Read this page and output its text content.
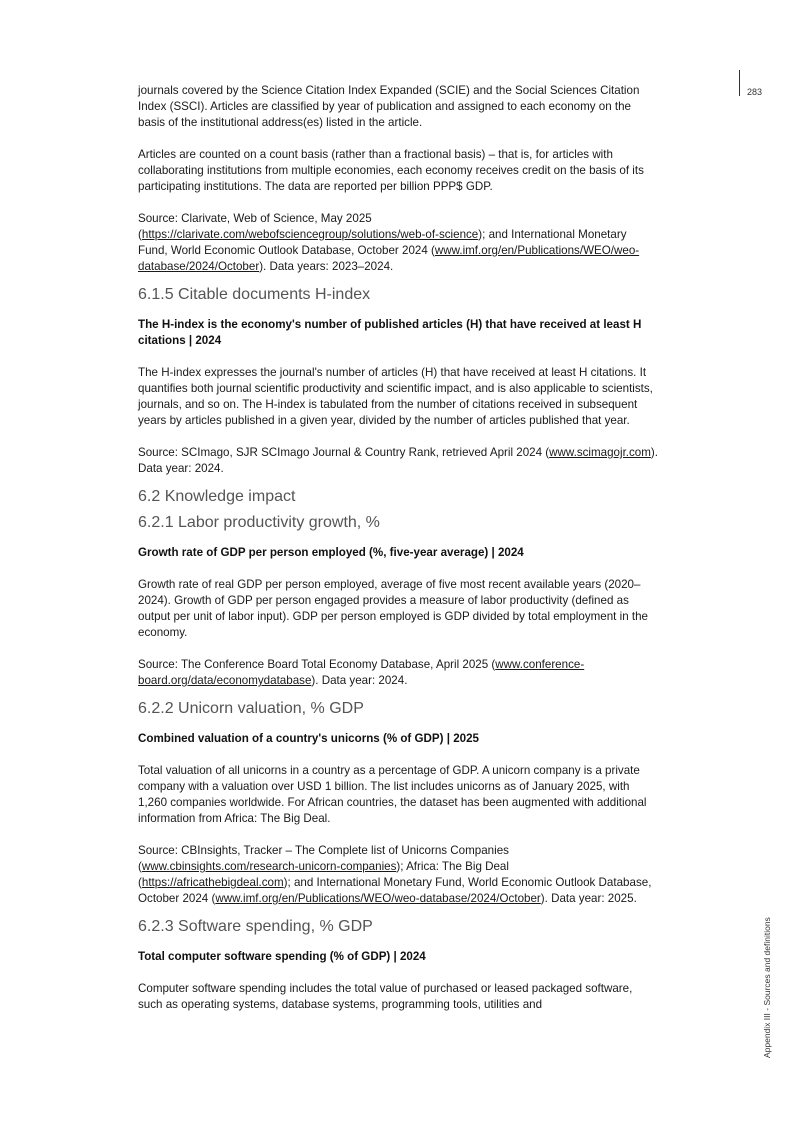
283
Appendix III - Sources and definitions

journals covered by the Science Citation Index Expanded (SCIE) and the Social Sciences Citation Index (SSCI). Articles are classified by year of publication and assigned to each economy on the basis of the institutional address(es) listed in the article.

Articles are counted on a count basis (rather than a fractional basis) – that is, for articles with collaborating institutions from multiple economies, each economy receives credit on the basis of its participating institutions. The data are reported per billion PPP$ GDP.

Source: Clarivate, Web of Science, May 2025 (https://clarivate.com/webofsciencegroup/solutions/web-of-science); and International Monetary Fund, World Economic Outlook Database, October 2024 (www.imf.org/en/Publications/WEO/weo-database/2024/October). Data years: 2023–2024.

6.1.5 Citable documents H-index
The H-index is the economy's number of published articles (H) that have received at least H citations | 2024

The H-index expresses the journal's number of articles (H) that have received at least H citations. It quantifies both journal scientific productivity and scientific impact, and is also applicable to scientists, journals, and so on. The H-index is tabulated from the number of citations received in subsequent years by articles published in a given year, divided by the number of articles published that year.

Source: SCImago, SJR SCImago Journal & Country Rank, retrieved April 2024 (www.scimagojr.com). Data year: 2024.

6.2 Knowledge impact
6.2.1 Labor productivity growth, %
Growth rate of GDP per person employed (%, five-year average) | 2024

Growth rate of real GDP per person employed, average of five most recent available years (2020–2024). Growth of GDP per person engaged provides a measure of labor productivity (defined as output per unit of labor input). GDP per person employed is GDP divided by total employment in the economy.

Source: The Conference Board Total Economy Database, April 2025 (www.conference-board.org/data/economydatabase). Data year: 2024.

6.2.2 Unicorn valuation, % GDP
Combined valuation of a country's unicorns (% of GDP) | 2025

Total valuation of all unicorns in a country as a percentage of GDP. A unicorn company is a private company with a valuation over USD 1 billion. The list includes unicorns as of January 2025, with 1,260 companies worldwide. For African countries, the dataset has been augmented with additional information from Africa: The Big Deal.

Source: CBInsights, Tracker – The Complete list of Unicorns Companies (www.cbinsights.com/research-unicorn-companies); Africa: The Big Deal (https://africathebigdeal.com); and International Monetary Fund, World Economic Outlook Database, October 2024 (www.imf.org/en/Publications/WEO/weo-database/2024/October). Data year: 2025.

6.2.3 Software spending, % GDP
Total computer software spending (% of GDP) | 2024

Computer software spending includes the total value of purchased or leased packaged software, such as operating systems, database systems, programming tools, utilities and
